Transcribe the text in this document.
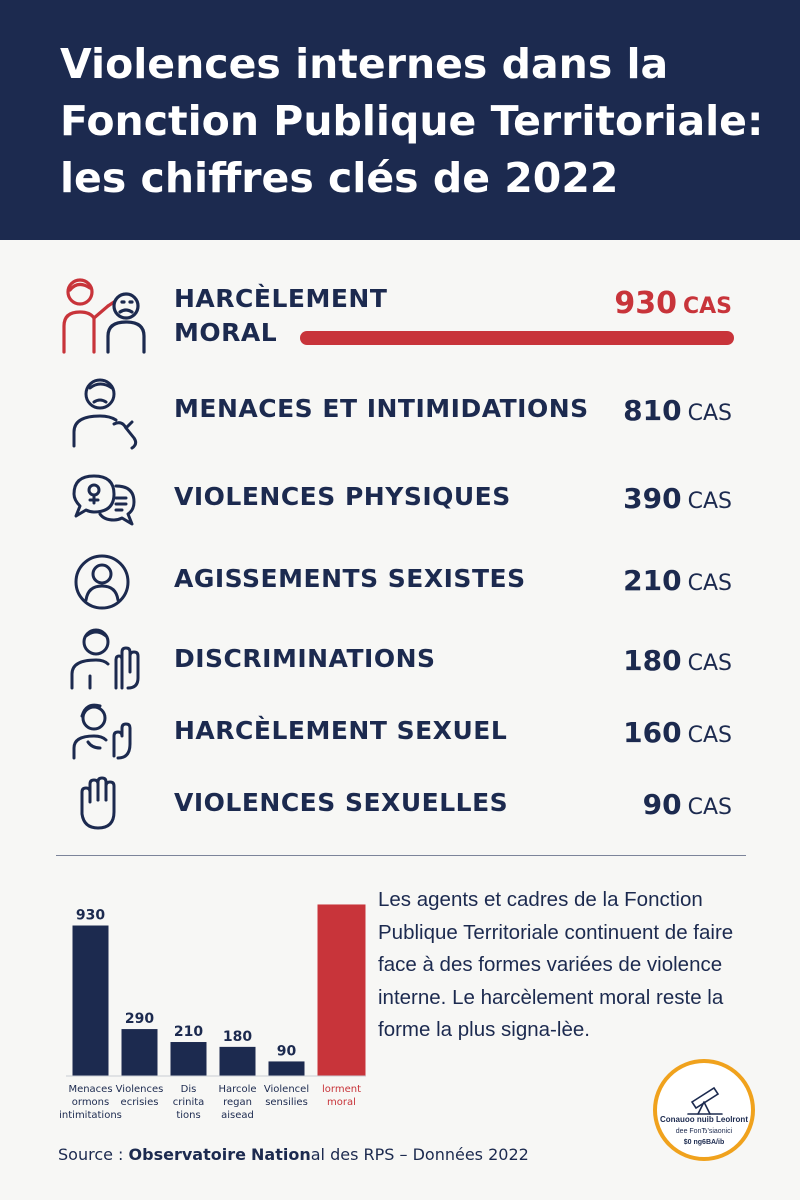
Violences internes dans la
Fonction Publique Territoriale:
les chiffres clés de 2022
HARCÈLEMENT MORAL
930 CAS
MENACES ET INTIMIDATIONS 810 CAS
VIOLENCES PHYSIQUES	390 CAS
AGISSEMENTS SEXISTES	210 CAS
DISCRIMINATIONS	180 CAS
HARCÈLEMENT SEXUEL	160 CAS
VIOLENCES SEXUELLES	90 CAS
930
Menaces ormons intimitations
290
Violences ecrisies
210
Dis crinita tions
180
Harcole regan aisead
90
Violencel sensilies
lorment moral

Les agents et cadres de la Fonction Publique Territoriale continuent de faire face à des formes variées de violence interne. Le harcèlement moral reste la forme la plus signa-lèe.

Source : Observatoire National des RPS – Données 2022
Conauoo nuib Leolront
dee FonЂ'siaonici
$0 ng6BA/ib
